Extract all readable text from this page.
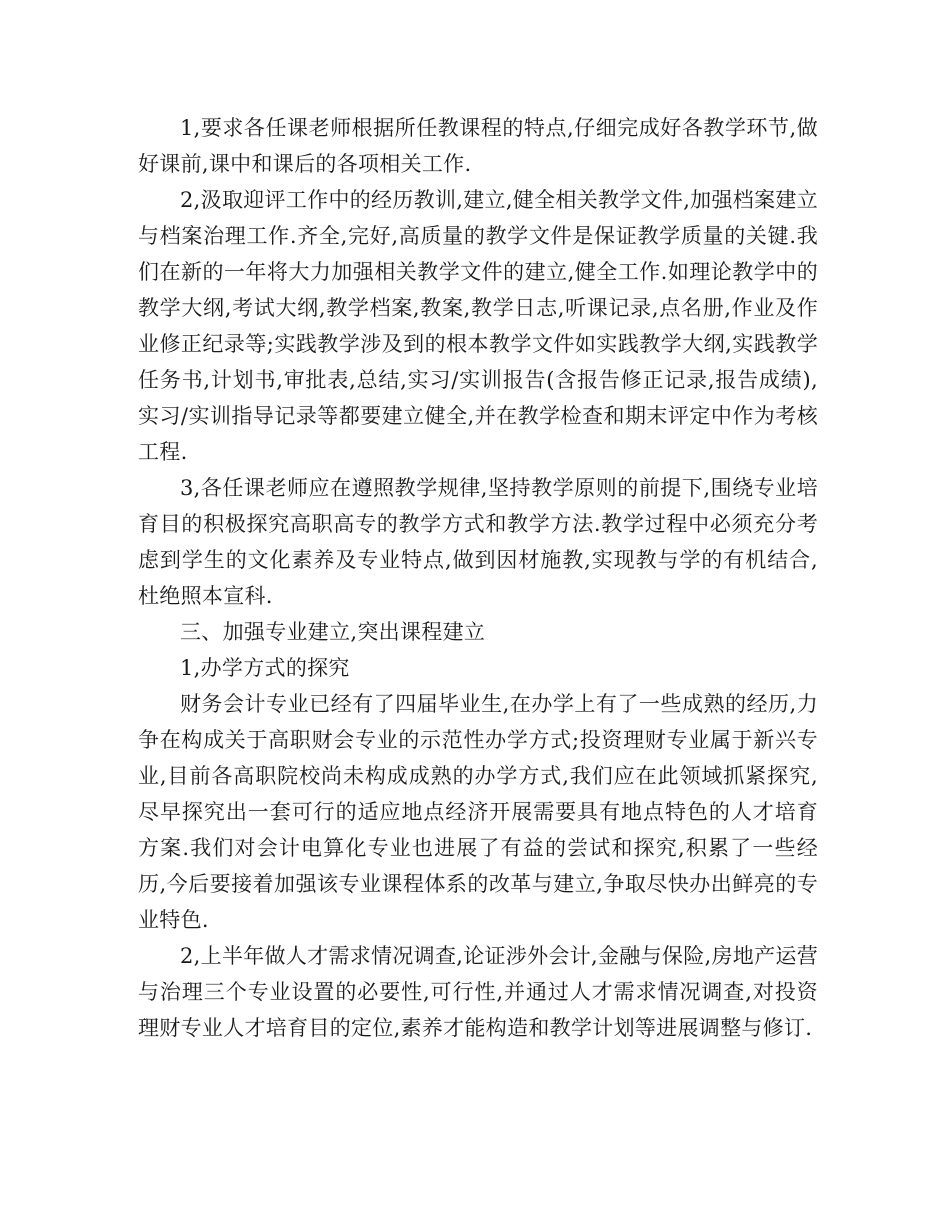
1,要求各任课老师根据所任教课程的特点,仔细完成好各教学环节,做好课前,课中和课后的各项相关工作.

2,汲取迎评工作中的经历教训,建立,健全相关教学文件,加强档案建立与档案治理工作.齐全,完好,高质量的教学文件是保证教学质量的关键.我们在新的一年将大力加强相关教学文件的建立,健全工作.如理论教学中的教学大纲,考试大纲,教学档案,教案,教学日志,听课记录,点名册,作业及作业修正纪录等;实践教学涉及到的根本教学文件如实践教学大纲,实践教学任务书,计划书,审批表,总结,实习/实训报告(含报告修正记录,报告成绩),实习/实训指导记录等都要建立健全,并在教学检查和期末评定中作为考核工程.

3,各任课老师应在遵照教学规律,坚持教学原则的前提下,围绕专业培育目的积极探究高职高专的教学方式和教学方法.教学过程中必须充分考虑到学生的文化素养及专业特点,做到因材施教,实现教与学的有机结合,杜绝照本宣科.

三、加强专业建立,突出课程建立

1,办学方式的探究

财务会计专业已经有了四届毕业生,在办学上有了一些成熟的经历,力争在构成关于高职财会专业的示范性办学方式;投资理财专业属于新兴专业,目前各高职院校尚未构成成熟的办学方式,我们应在此领域抓紧探究,尽早探究出一套可行的适应地点经济开展需要具有地点特色的人才培育方案.我们对会计电算化专业也进展了有益的尝试和探究,积累了一些经历,今后要接着加强该专业课程体系的改革与建立,争取尽快办出鲜亮的专业特色.

2,上半年做人才需求情况调查,论证涉外会计,金融与保险,房地产运营与治理三个专业设置的必要性,可行性,并通过人才需求情况调查,对投资理财专业人才培育目的定位,素养才能构造和教学计划等进展调整与修订.
